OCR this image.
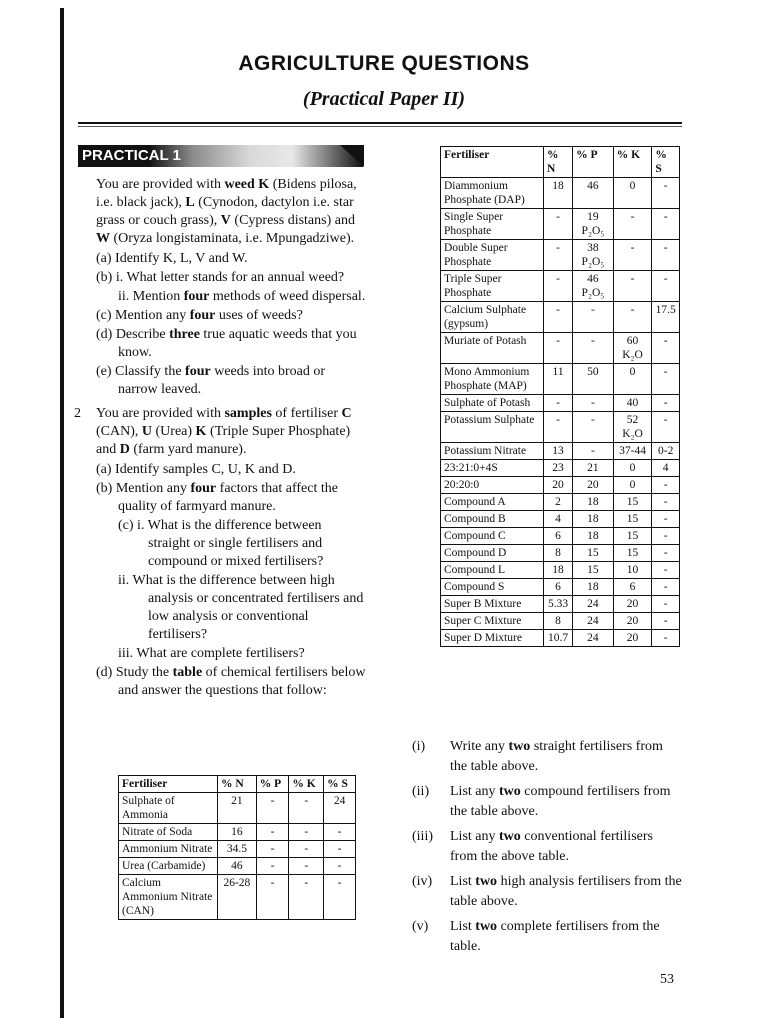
AGRICULTURE QUESTIONS
(Practical Paper II)
PRACTICAL 1

You are provided with weed K (Bidens pilosa, i.e. black jack), L (Cynodon, dactylon i.e. star grass or couch grass), V (Cypress distans) and W (Oryza longistaminata, i.e. Mpungadziwe).

(a) Identify K, L, V and W.

(b) i. What letter stands for an annual weed?

ii. Mention four methods of weed dispersal.

(c) Mention any four uses of weeds?

(d) Describe three true aquatic weeds that you know.

(e) Classify the four weeds into broad or narrow leaved.

2 You are provided with samples of fertiliser C (CAN), U (Urea) K (Triple Super Phosphate) and D (farm yard manure).

(a) Identify samples C, U, K and D.

(b) Mention any four factors that affect the quality of farmyard manure.

(c) i. What is the difference between straight or single fertilisers and compound or mixed fertilisers?

ii. What is the difference between high analysis or concentrated fertilisers and low analysis or conventional fertilisers?

iii. What are complete fertilisers?

(d) Study the table of chemical fertilisers below and answer the questions that follow:

Fertiliser	% N	% P	% K	% S
Sulphate of Ammonia	21	-	-	24
Nitrate of Soda	16	-	-	-
Ammonium Nitrate	34.5	-	-	-
Urea (Carbamide)	46	-	-	-
Calcium Ammonium Nitrate (CAN)	26-28	-	-	-
Fertiliser	% N	% P	% K	% S
Diammonium Phosphate (DAP)	18	46	0	-
Single Super Phosphate	-	19 P₂O₅	-	-
Double Super Phosphate	-	38 P₂O₅	-	-
Triple Super Phosphate	-	46 P₂O₅	-	-
Calcium Sulphate (gypsum)	-	-	-	17.5
Muriate of Potash	-	-	60 K₂O	-
Mono Ammonium Phosphate (MAP)	11	50	0	-
Sulphate of Potash	-	-	40	-
Potassium Sulphate	-	-	52 K₂O	-
Potassium Nitrate	13	-	37-44	0-2
23:21:0+4S	23	21	0	4
20:20:0	20	20	0	-
Compound A	2	18	15	-
Compound B	4	18	15	-
Compound C	6	18	15	-
Compound D	8	15	15	-
Compound L	18	15	10	-
Compound S	6	18	6	-
Super B Mixture	5.33	24	20	-
Super C Mixture	8	24	20	-
Super D Mixture	10.7	24	20	-
(i) Write any two straight fertilisers from the table above.
(ii) List any two compound fertilisers from the table above.
(iii) List any two conventional fertilisers from the above table.
(iv) List two high analysis fertilisers from the table above.
(v) List two complete fertilisers from the table.
53
